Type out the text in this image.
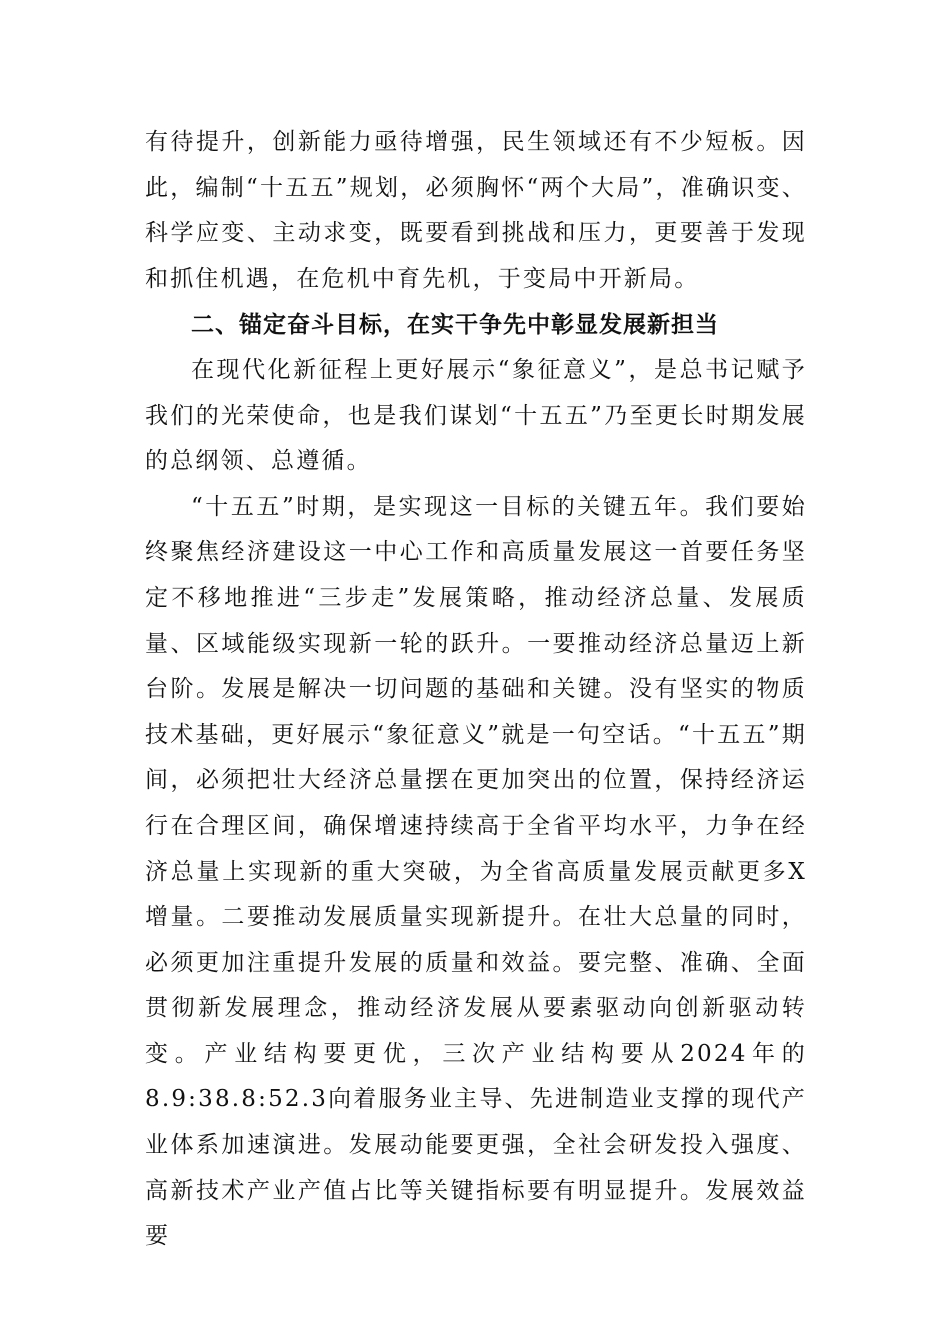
有待提升，创新能力亟待增强，民生领域还有不少短板。因此，编制“十五五”规划，必须胸怀“两个大局”，准确识变、科学应变、主动求变，既要看到挑战和压力，更要善于发现和抓住机遇，在危机中育先机，于变局中开新局。

二、锚定奋斗目标，在实干争先中彰显发展新担当

在现代化新征程上更好展示“象征意义”，是总书记赋予我们的光荣使命，也是我们谋划“十五五”乃至更长时期发展的总纲领、总遵循。

“十五五”时期，是实现这一目标的关键五年。我们要始终聚焦经济建设这一中心工作和高质量发展这一首要任务坚定不移地推进“三步走”发展策略，推动经济总量、发展质量、区域能级实现新一轮的跃升。一要推动经济总量迈上新台阶。发展是解决一切问题的基础和关键。没有坚实的物质技术基础，更好展示“象征意义”就是一句空话。“十五五”期间，必须把壮大经济总量摆在更加突出的位置，保持经济运行在合理区间，确保增速持续高于全省平均水平，力争在经济总量上实现新的重大突破，为全省高质量发展贡献更多X增量。二要推动发展质量实现新提升。在壮大总量的同时，必须更加注重提升发展的质量和效益。要完整、准确、全面贯彻新发展理念，推动经济发展从要素驱动向创新驱动转变。产业结构要更优，三次产业结构要从2024年的8.9:38.8:52.3向着服务业主导、先进制造业支撑的现代产业体系加速演进。发展动能要更强，全社会研发投入强度、高新技术产业产值占比等关键指标要有明显提升。发展效益要
